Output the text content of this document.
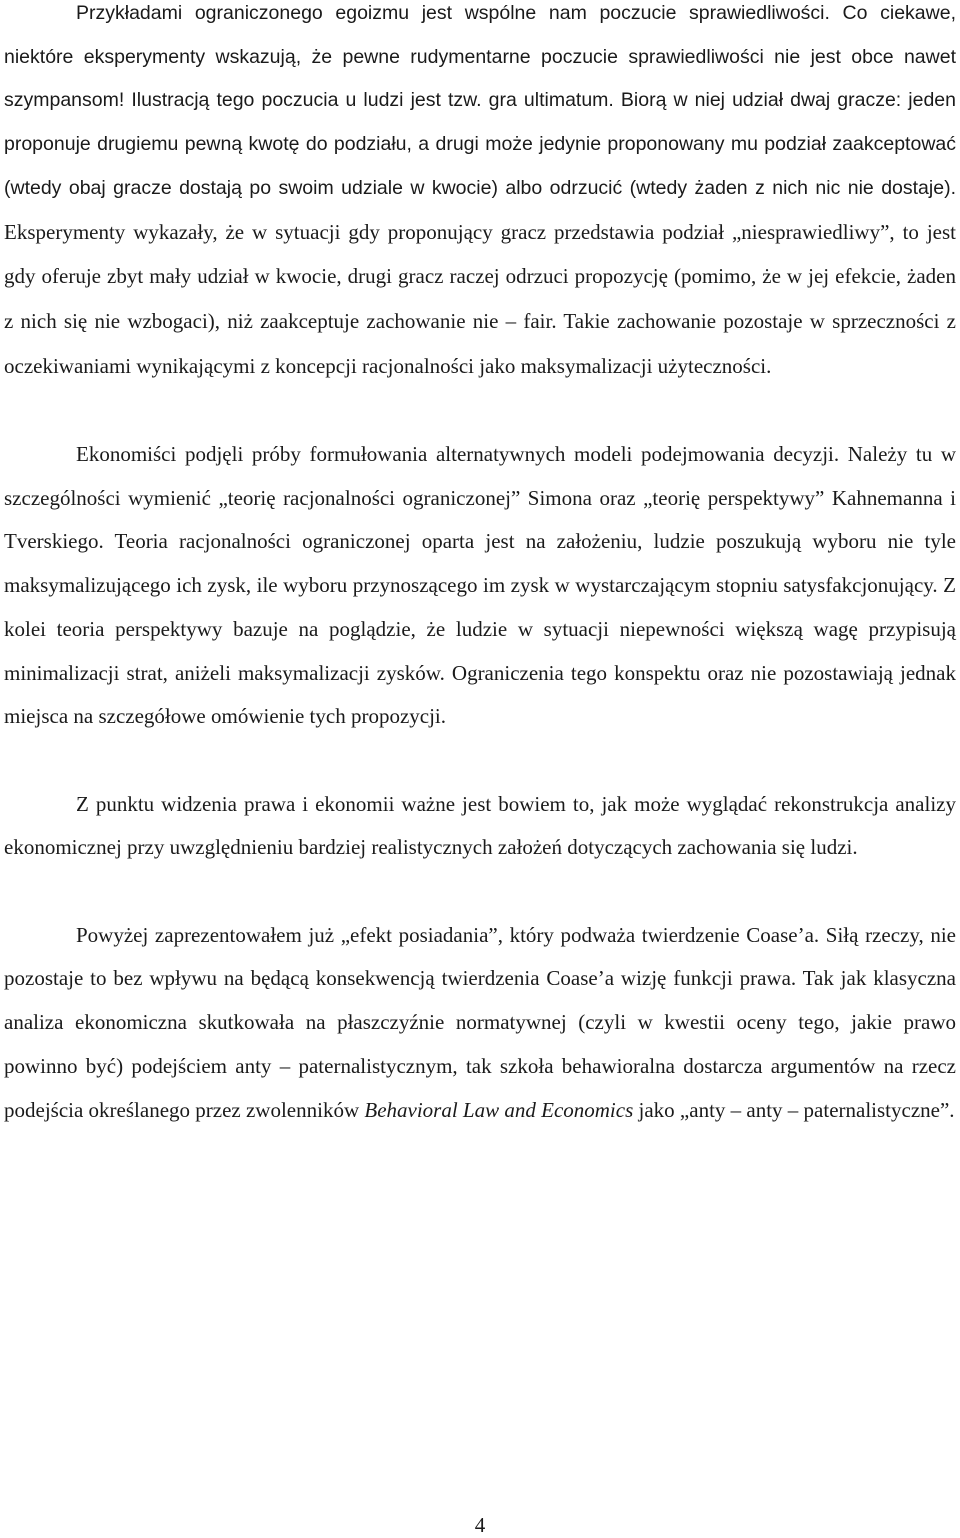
Przykładami ograniczonego egoizmu jest wspólne nam poczucie sprawiedliwości. Co ciekawe, niektóre eksperymenty wskazują, że pewne rudymentarne poczucie sprawiedliwości nie jest obce nawet szympansom! Ilustracją tego poczucia u ludzi jest tzw. gra ultimatum. Biorą w niej udział dwaj gracze: jeden proponuje drugiemu pewną kwotę do podziału, a drugi może jedynie proponowany mu podział zaakceptować (wtedy obaj gracze dostają po swoim udziale w kwocie) albo odrzucić (wtedy żaden z nich nic nie dostaje). Eksperymenty wykazały, że w sytuacji gdy proponujący gracz przedstawia podział „niesprawiedliwy”, to jest gdy oferuje zbyt mały udział w kwocie, drugi gracz raczej odrzuci propozycję (pomimo, że w jej efekcie, żaden z nich się nie wzbogaci), niż zaakceptuje zachowanie nie – fair. Takie zachowanie pozostaje w sprzeczności z oczekiwaniami wynikającymi z koncepcji racjonalności jako maksymalizacji użyteczności.

Ekonomiści podjęli próby formułowania alternatywnych modeli podejmowania decyzji. Należy tu w szczególności wymienić „teorię racjonalności ograniczonej” Simona oraz „teorię perspektywy” Kahnemanna i Tverskiego. Teoria racjonalności ograniczonej oparta jest na założeniu, ludzie poszukują wyboru nie tyle maksymalizującego ich zysk, ile wyboru przynoszącego im zysk w wystarczającym stopniu satysfakcjonujący. Z kolei teoria perspektywy bazuje na poglądzie, że ludzie w sytuacji niepewności większą wagę przypisują minimalizacji strat, aniżeli maksymalizacji zysków. Ograniczenia tego konspektu oraz nie pozostawiają jednak miejsca na szczegółowe omówienie tych propozycji.

Z punktu widzenia prawa i ekonomii ważne jest bowiem to, jak może wyglądać rekonstrukcja analizy ekonomicznej przy uwzględnieniu bardziej realistycznych założeń dotyczących zachowania się ludzi.

Powyżej zaprezentowałem już „efekt posiadania”, który podważa twierdzenie Coase’a. Siłą rzeczy, nie pozostaje to bez wpływu na będącą konsekwencją twierdzenia Coase’a wizję funkcji prawa. Tak jak klasyczna analiza ekonomiczna skutkowała na płaszczyźnie normatywnej (czyli w kwestii oceny tego, jakie prawo powinno być) podejściem anty – paternalistycznym, tak szkoła behawioralna dostarcza argumentów na rzecz podejścia określanego przez zwolenników Behavioral Law and Economics jako „anty – anty – paternalistyczne”.

4
